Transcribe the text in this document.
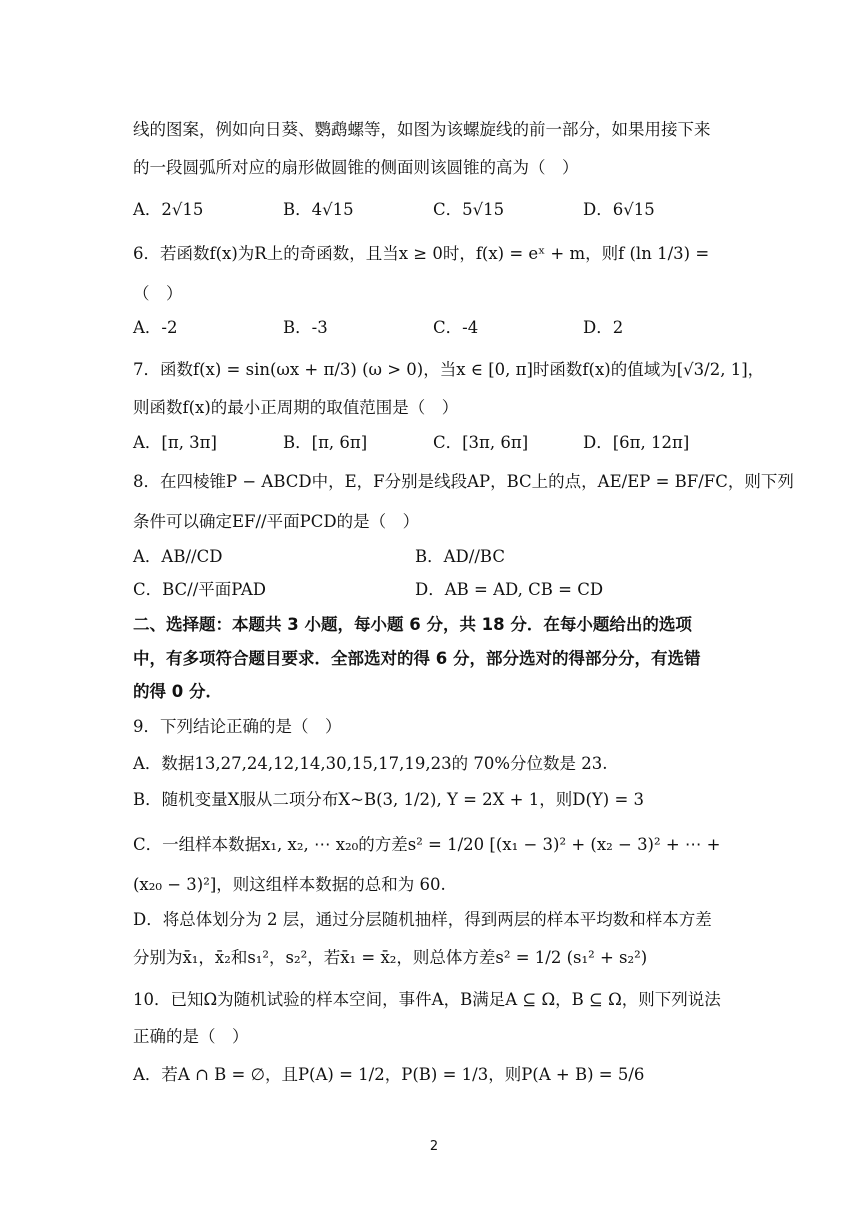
线的图案，例如向日葵、鹦鹉螺等，如图为该螺旋线的前一部分，如果用接下来
的一段圆弧所对应的扇形做圆锥的侧面则该圆锥的高为（　）
A．2√15	B．4√15	C．5√15	D．6√15
6．若函数f(x)为R上的奇函数，且当x ≥ 0时，f(x) = eˣ + m，则f (ln 1/3) =
（　）
A．-2	B．-3	C．-4	D．2
7．函数f(x) = sin(ωx + π/3) (ω > 0)，当x ∈ [0, π]时函数f(x)的值域为[√3/2, 1]，
则函数f(x)的最小正周期的取值范围是（　）
A．[π, 3π]	B．[π, 6π]	C．[3π, 6π]	D．[6π, 12π]
8．在四棱锥P − ABCD中，E，F分别是线段AP，BC上的点，AE/EP = BF/FC，则下列
条件可以确定EF//平面PCD的是（　）
A．AB//CD	B．AD//BC
C．BC//平面PAD	D．AB = AD, CB = CD
二、选择题：本题共 3 小题，每小题 6 分，共 18 分．在每小题给出的选项
中，有多项符合题目要求．全部选对的得 6 分，部分选对的得部分分，有选错
的得 0 分．
9．下列结论正确的是（　）
A．数据13,27,24,12,14,30,15,17,19,23的 70%分位数是 23.
B．随机变量X服从二项分布X~B(3, 1/2), Y = 2X + 1，则D(Y) = 3
C．一组样本数据x₁, x₂, ⋯ x₂₀的方差s² = 1/20 [(x₁ − 3)² + (x₂ − 3)² + ⋯ +
(x₂₀ − 3)²]，则这组样本数据的总和为 60.
D．将总体划分为 2 层，通过分层随机抽样，得到两层的样本平均数和样本方差
分别为x̄₁，x̄₂和s₁²，s₂²，若x̄₁ = x̄₂，则总体方差s² = 1/2 (s₁² + s₂²)
10．已知Ω为随机试验的样本空间，事件A，B满足A ⊆ Ω，B ⊆ Ω，则下列说法
正确的是（　）
A．若A ∩ B = ∅，且P(A) = 1/2，P(B) = 1/3，则P(A + B) = 5/6
2
